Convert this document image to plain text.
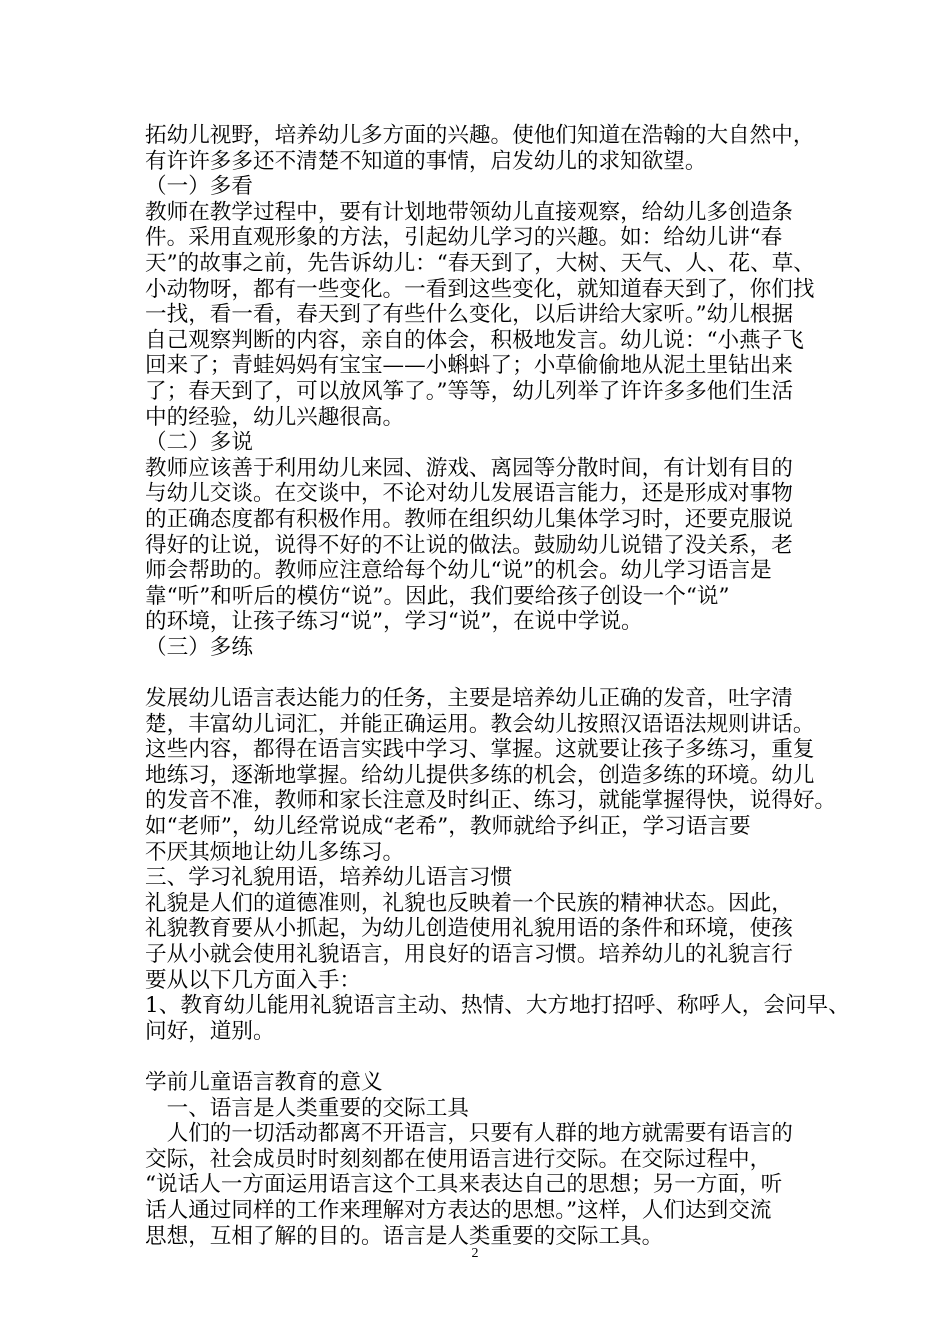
拓幼儿视野，培养幼儿多方面的兴趣。使他们知道在浩翰的大自然中，
有许许多多还不清楚不知道的事情，启发幼儿的求知欲望。
（一）多看
教师在教学过程中，要有计划地带领幼儿直接观察，给幼儿多创造条
件。采用直观形象的方法，引起幼儿学习的兴趣。如：给幼儿讲“春
天”的故事之前，先告诉幼儿：“春天到了，大树、天气、人、花、草、
小动物呀，都有一些变化。一看到这些变化，就知道春天到了，你们找
一找，看一看，春天到了有些什么变化，以后讲给大家听。”幼儿根据
自己观察判断的内容，亲自的体会，积极地发言。幼儿说：“小燕子飞
回来了；青蛙妈妈有宝宝——小蝌蚪了；小草偷偷地从泥土里钻出来
了；春天到了，可以放风筝了。”等等，幼儿列举了许许多多他们生活
中的经验，幼儿兴趣很高。
（二）多说
教师应该善于利用幼儿来园、游戏、离园等分散时间，有计划有目的
与幼儿交谈。在交谈中，不论对幼儿发展语言能力，还是形成对事物
的正确态度都有积极作用。教师在组织幼儿集体学习时，还要克服说
得好的让说，说得不好的不让说的做法。鼓励幼儿说错了没关系，老
师会帮助的。教师应注意给每个幼儿“说”的机会。幼儿学习语言是
靠“听”和听后的模仿“说”。因此，我们要给孩子创设一个“说”
的环境，让孩子练习“说”，学习“说”，在说中学说。
（三）多练
发展幼儿语言表达能力的任务，主要是培养幼儿正确的发音，吐字清
楚，丰富幼儿词汇，并能正确运用。教会幼儿按照汉语语法规则讲话。
这些内容，都得在语言实践中学习、掌握。这就要让孩子多练习，重复
地练习，逐渐地掌握。给幼儿提供多练的机会，创造多练的环境。幼儿
的发音不准，教师和家长注意及时纠正、练习，就能掌握得快，说得好。
如“老师”，幼儿经常说成“老希”，教师就给予纠正，学习语言要
不厌其烦地让幼儿多练习。
三、学习礼貌用语，培养幼儿语言习惯
礼貌是人们的道德准则，礼貌也反映着一个民族的精神状态。因此，
礼貌教育要从小抓起，为幼儿创造使用礼貌用语的条件和环境，使孩
子从小就会使用礼貌语言，用良好的语言习惯。培养幼儿的礼貌言行
要从以下几方面入手：
1、教育幼儿能用礼貌语言主动、热情、大方地打招呼、称呼人，会问早、
问好，道别。
学前儿童语言教育的意义
　一、语言是人类重要的交际工具
　人们的一切活动都离不开语言，只要有人群的地方就需要有语言的
交际，社会成员时时刻刻都在使用语言进行交际。在交际过程中，
“说话人一方面运用语言这个工具来表达自己的思想；另一方面，听
话人通过同样的工作来理解对方表达的思想。”这样，人们达到交流
思想，互相了解的目的。语言是人类重要的交际工具。
2
